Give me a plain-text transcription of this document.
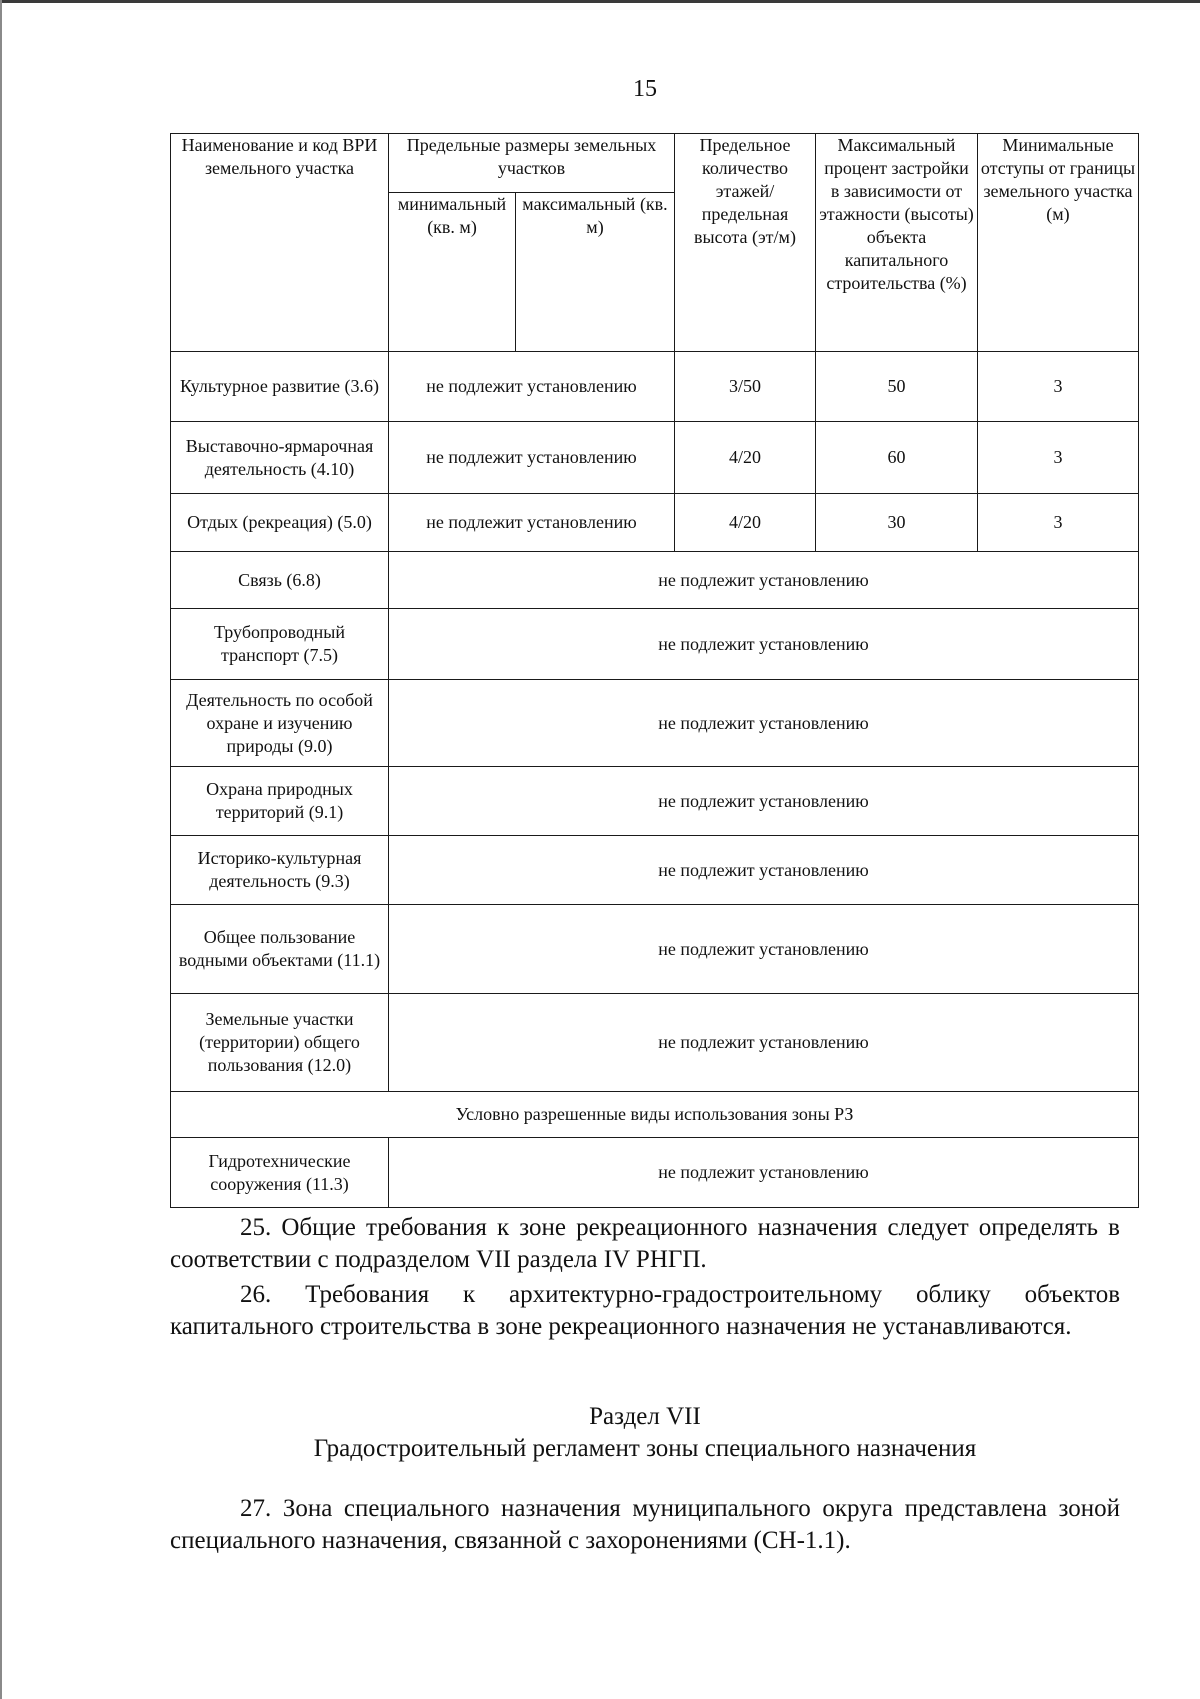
15
Наименование и код ВРИ земельного участка	Предельные размеры земельных участков		Предельное количество этажей/ предельная высота (эт/м)	Максимальный процент застройки в зависимости от этажности (высоты) объекта капитального строительства (%)	Минимальные отступы от границы земельного участка (м)
	минимальный (кв. м)	максимальный (кв. м)			
Культурное развитие (3.6)	не подлежит установлению		3/50	50	3
Выставочно-ярмарочная деятельность (4.10)	не подлежит установлению		4/20	60	3
Отдых (рекреация) (5.0)	не подлежит установлению		4/20	30	3
Связь (6.8)	не подлежит установлению				
Трубопроводный транспорт (7.5)	не подлежит установлению				
Деятельность по особой охране и изучению природы (9.0)	не подлежит установлению				
Охрана природных территорий (9.1)	не подлежит установлению				
Историко-культурная деятельность (9.3)	не подлежит установлению				
Общее пользование водными объектами (11.1)	не подлежит установлению				
Земельные участки (территории) общего пользования (12.0)	не подлежит установлению				
Условно разрешенные виды использования зоны РЗ					
Гидротехнические сооружения (11.3)	не подлежит установлению				

25. Общие требования к зоне рекреационного назначения следует определять в соответствии с подразделом VII раздела IV РНГП.

26. Требования к архитектурно-градостроительному облику объектов капитального строительства в зоне рекреационного назначения не устанавливаются.

Раздел VII
Градостроительный регламент зоны специального назначения

27. Зона специального назначения муниципального округа представлена зоной специального назначения, связанной с захоронениями (СН-1.1).
